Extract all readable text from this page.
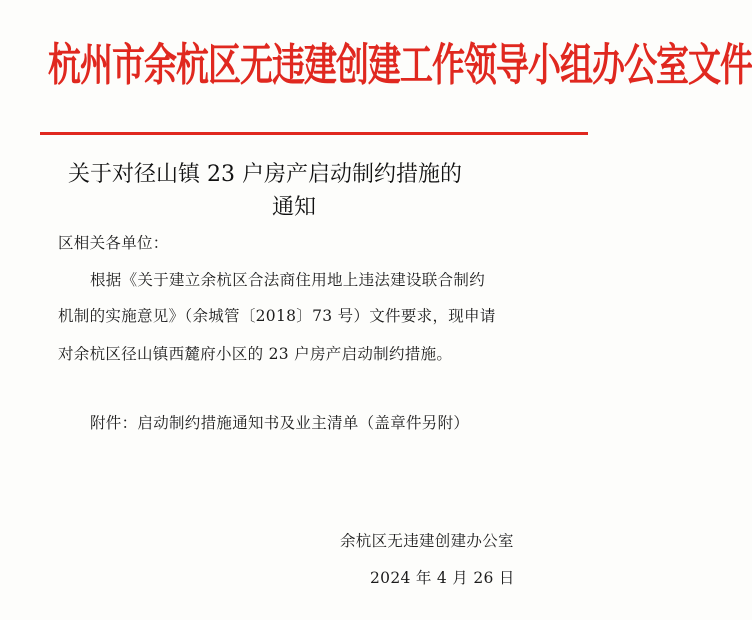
杭州市余杭区无违建创建工作领导小组办公室文件
关于对径山镇 23 户房产启动制约措施的
通知
区相关各单位：
根据《关于建立余杭区合法商住用地上违法建设联合制约
机制的实施意见》（余城管〔2018〕73 号）文件要求，现申请
对余杭区径山镇西麓府小区的 23 户房产启动制约措施。
附件：启动制约措施通知书及业主清单（盖章件另附）
余杭区无违建创建办公室
2024 年 4 月 26 日
